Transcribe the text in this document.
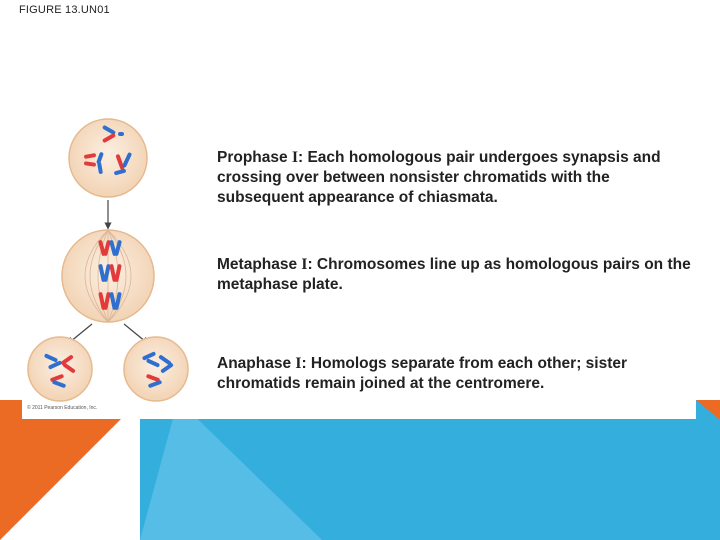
FIGURE 13.UN01
© 2011 Pearson Education, Inc.
Prophase I: Each homologous pair undergoes synapsis and crossing over between nonsister chromatids with the subsequent appearance of chiasmata.
Metaphase I: Chromosomes line up as homologous pairs on the metaphase plate.
Anaphase I: Homologs separate from each other; sister chromatids remain joined at the centromere.
